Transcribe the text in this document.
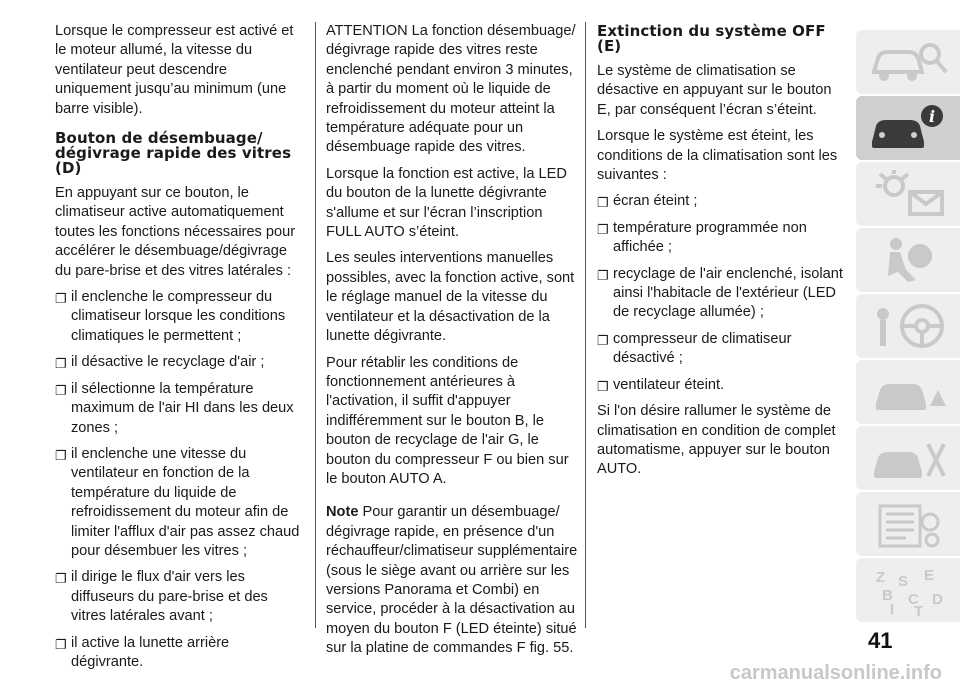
Lorsque le compresseur est activé et le moteur allumé, la vitesse du ventilateur peut descendre uniquement jusqu’au minimum (une barre visible).

Bouton de désembuage/ dégivrage rapide des vitres (D)

En appuyant sur ce bouton, le climatiseur active automatiquement toutes les fonctions nécessaires pour accélérer le désembuage/dégivrage du pare-brise et des vitres latérales :

❐ il enclenche le compresseur du climatiseur lorsque les conditions climatiques le permettent ;
❐ il désactive le recyclage d'air ;
❐ il sélectionne la température maximum de l'air HI dans les deux zones ;
❐ il enclenche une vitesse du ventilateur en fonction de la température du liquide de refroidissement du moteur afin de limiter l'afflux d'air pas assez chaud pour désembuer les vitres ;
❐ il dirige le flux d'air vers les diffuseurs du pare-brise et des vitres latérales avant ;
❐ il active la lunette arrière dégivrante.

ATTENTION La fonction désembuage/ dégivrage rapide des vitres reste enclenché pendant environ 3 minutes, à partir du moment où le liquide de refroidissement du moteur atteint la température adéquate pour un désembuage rapide des vitres.

Lorsque la fonction est active, la LED du bouton de la lunette dégivrante s'allume et sur l'écran l’inscription FULL AUTO s’éteint.

Les seules interventions manuelles possibles, avec la fonction active, sont le réglage manuel de la vitesse du ventilateur et la désactivation de la lunette dégivrante.

Pour rétablir les conditions de fonctionnement antérieures à l'activation, il suffit d'appuyer indifféremment sur le bouton B, le bouton de recyclage de l'air G, le bouton du compresseur F ou bien sur le bouton AUTO A.

Note Pour garantir un désembuage/ dégivrage rapide, en présence d'un réchauffeur/climatiseur supplémentaire (sous le siège avant ou arrière sur les versions Panorama et Combi) en service, procéder à la désactivation au moyen du bouton F (LED éteinte) situé sur la platine de commandes F fig. 55.

Extinction du système OFF (E)

Le système de climatisation se désactive en appuyant sur le bouton E, par conséquent l’écran s’éteint.

Lorsque le système est éteint, les conditions de la climatisation sont les suivantes :

❐ écran éteint ;
❐ température programmée non affichée ;
❐ recyclage de l'air enclenché, isolant ainsi l'habitacle de l'extérieur (LED de recyclage allumée) ;
❐ compresseur de climatiseur désactivé ;
❐ ventilateur éteint.

Si l'on désire rallumer le système de climatisation en condition de complet automatisme, appuyer sur le bouton AUTO.

i
Z S E
B C D
I T
41
carmanualsonline.info
